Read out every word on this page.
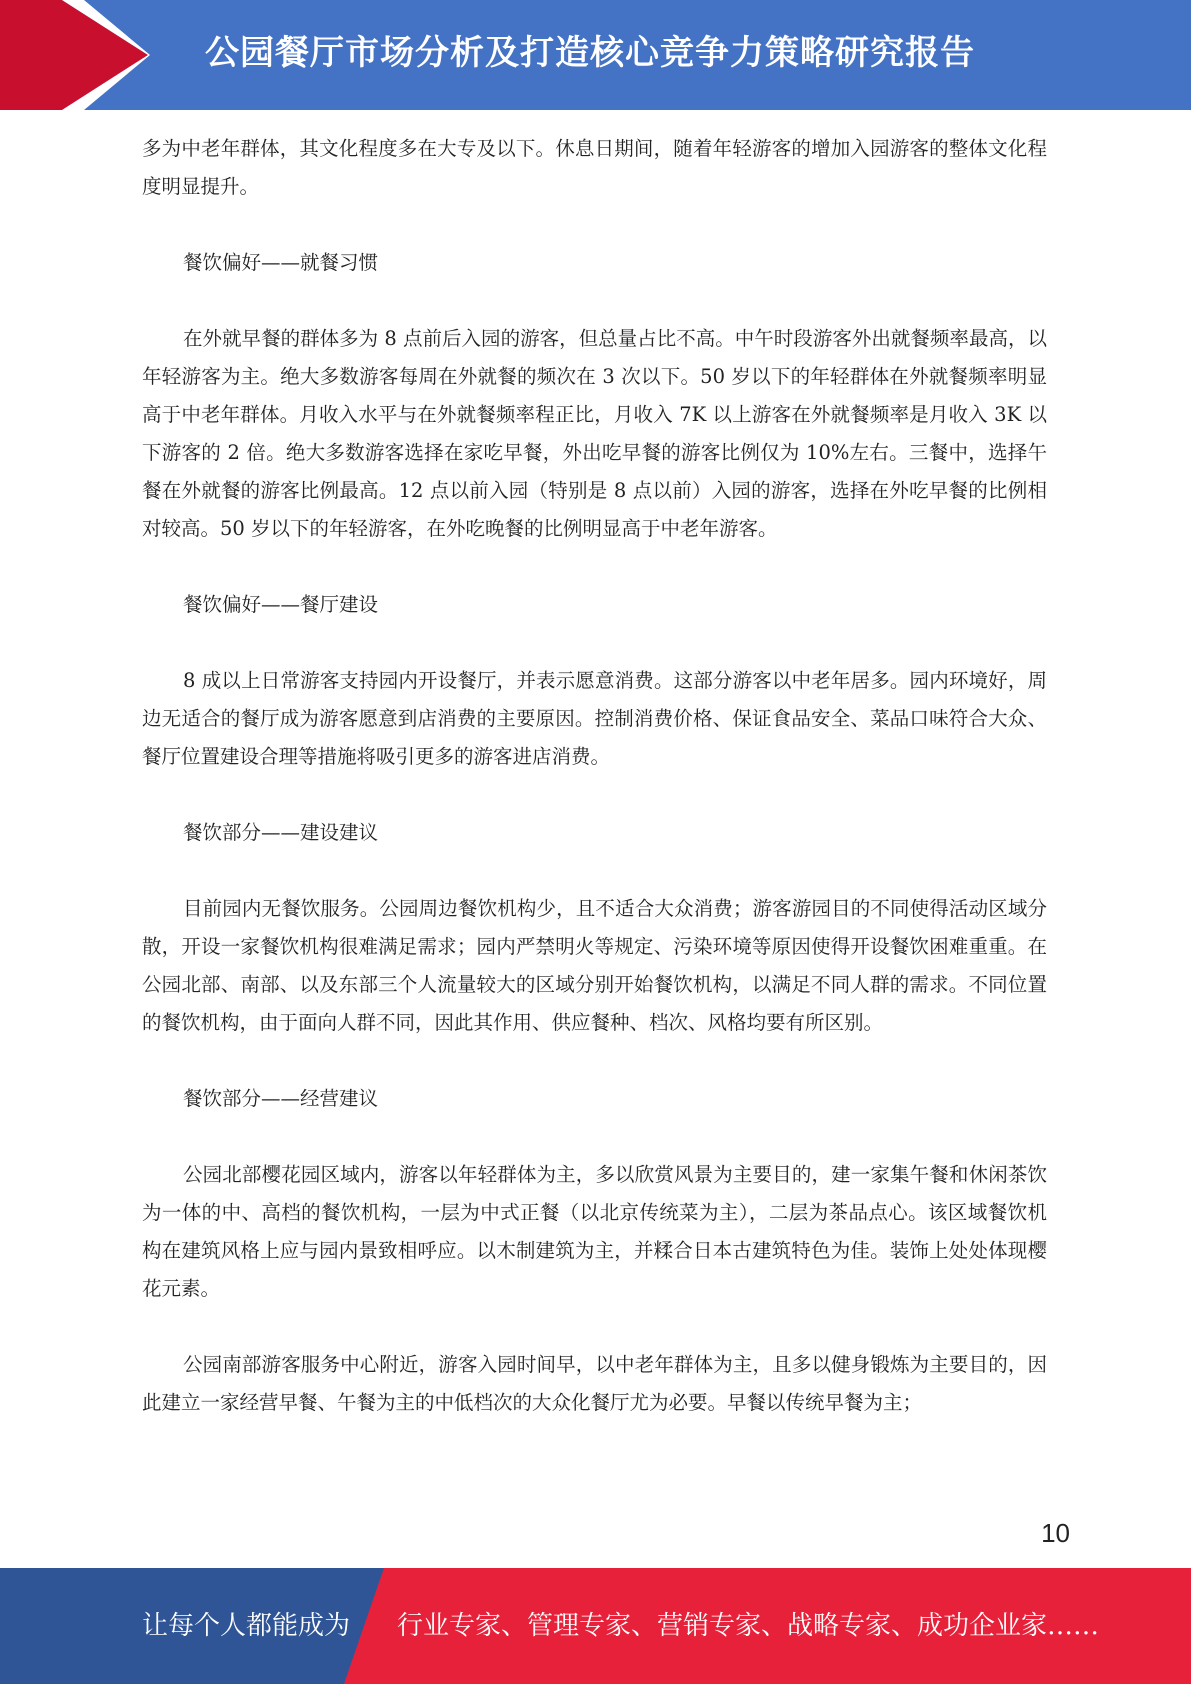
公园餐厅市场分析及打造核心竞争力策略研究报告

多为中老年群体，其文化程度多在大专及以下。休息日期间，随着年轻游客的增加入园游客的整体文化程度明显提升。

餐饮偏好——就餐习惯

在外就早餐的群体多为 8 点前后入园的游客，但总量占比不高。中午时段游客外出就餐频率最高，以年轻游客为主。绝大多数游客每周在外就餐的频次在 3 次以下。50 岁以下的年轻群体在外就餐频率明显高于中老年群体。月收入水平与在外就餐频率程正比，月收入 7K 以上游客在外就餐频率是月收入 3K 以下游客的 2 倍。绝大多数游客选择在家吃早餐，外出吃早餐的游客比例仅为 10%左右。三餐中，选择午餐在外就餐的游客比例最高。12 点以前入园（特别是 8 点以前）入园的游客，选择在外吃早餐的比例相对较高。50 岁以下的年轻游客，在外吃晚餐的比例明显高于中老年游客。

餐饮偏好——餐厅建设

8 成以上日常游客支持园内开设餐厅，并表示愿意消费。这部分游客以中老年居多。园内环境好，周边无适合的餐厅成为游客愿意到店消费的主要原因。控制消费价格、保证食品安全、菜品口味符合大众、餐厅位置建设合理等措施将吸引更多的游客进店消费。

餐饮部分——建设建议

目前园内无餐饮服务。公园周边餐饮机构少，且不适合大众消费；游客游园目的不同使得活动区域分散，开设一家餐饮机构很难满足需求；园内严禁明火等规定、污染环境等原因使得开设餐饮困难重重。在公园北部、南部、以及东部三个人流量较大的区域分别开始餐饮机构，以满足不同人群的需求。不同位置的餐饮机构，由于面向人群不同，因此其作用、供应餐种、档次、风格均要有所区别。

餐饮部分——经营建议

公园北部樱花园区域内，游客以年轻群体为主，多以欣赏风景为主要目的，建一家集午餐和休闲茶饮为一体的中、高档的餐饮机构，一层为中式正餐（以北京传统菜为主），二层为茶品点心。该区域餐饮机构在建筑风格上应与园内景致相呼应。以木制建筑为主，并糅合日本古建筑特色为佳。装饰上处处体现樱花元素。

公园南部游客服务中心附近，游客入园时间早，以中老年群体为主，且多以健身锻炼为主要目的，因此建立一家经营早餐、午餐为主的中低档次的大众化餐厅尤为必要。早餐以传统早餐为主；

10
让每个人都能成为 行业专家、管理专家、营销专家、战略专家、成功企业家……
